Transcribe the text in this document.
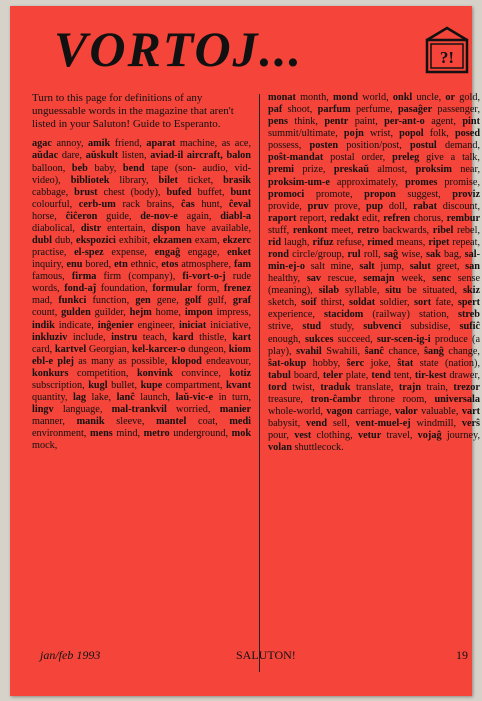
VORTOJ...	?!

Turn to this page for definitions of any unguessable words in the magazine that aren't listed in your Saluton! Guide to Esperanto.

agac annoy, amik friend, aparat machine, as ace, aŭdac dare, aŭskult listen, aviad-il aircraft, balon balloon, beb baby, bend tape (son- audio, vid- video), bibliotek library, bilet ticket, brasik cabbage, brust chest (body), bufed buffet, bunt colourful, cerb-um rack brains, ĉas hunt, ĉeval horse, ĉiĉeron guide, de-nov-e again, diabl-a diabolical, distr entertain, dispon have available, dubl dub, ekspozici exhibit, ekzamen exam, ekzerc practise, el-spez expense, engaĝ engage, enket inquiry, enu bored, etn ethnic, etos atmosphere, fam famous, firma firm (company), fi-vort-o-j rude words, fond-aĵ foundation, formular form, frenez mad, funkci function, gen gene, golf gulf, graf count, gulden guilder, hejm home, impon impress, indik indicate, inĝenier engineer, iniciat iniciative, inkluziv include, instru teach, kard thistle, kart card, kartvel Georgian, kel-karcer-o dungeon, kiom ebl-e plej as many as possible, klopod endeavour, konkurs competition, konvink convince, kotiz subscription, kugl bullet, kupe compartment, kvant quantity, lag lake, lanĉ launch, laŭ-vic-e in turn, lingv language, mal-trankvil worried, manier manner, manik sleeve, mantel coat, medi environment, mens mind, metro underground, mok mock,

monat month, mond world, onkl uncle, or gold, paf shoot, parfum perfume, pasaĝer passenger, pens think, pentr paint, per-ant-o agent, pint summit/ultimate, pojn wrist, popol folk, posed possess, posten position/post, postul demand, poŝt-mandat postal order, preleg give a talk, premi prize, preskaŭ almost, proksim near, proksim-um-e approximately, promes promise, promoci promote, propon suggest, proviz provide, pruv prove, pup doll, rabat discount, raport report, redakt edit, refren chorus, rembur stuff, renkont meet, retro backwards, ribel rebel, rid laugh, rifuz refuse, rimed means, ripet repeat, rond circle/group, rul roll, saĝ wise, sak bag, sal-min-ej-o salt mine, salt jump, salut greet, san healthy, sav rescue, semajn week, senc sense (meaning), silab syllable, situ be situated, skiz sketch, soif thirst, soldat soldier, sort fate, spert experience, stacidom (railway) station, streb strive, stud study, subvenci subsidise, sufiĉ enough, sukces succeed, sur-scen-ig-i produce (a play), svahil Swahili, ŝanĉ chance, ŝanĝ change, ŝat-okup hobby, ŝerc joke, ŝtat state (nation), tabul board, teler plate, tend tent, tir-kest drawer, tord twist, traduk translate, trajn train, trezor treasure, tron-ĉambr throne room, universala whole-world, vagon carriage, valor valuable, vart babysit, vend sell, vent-muel-ej windmill, verŝ pour, vest clothing, vetur travel, vojaĝ journey, volan shuttlecock.

jan/feb 1993	SALUTON!	19
